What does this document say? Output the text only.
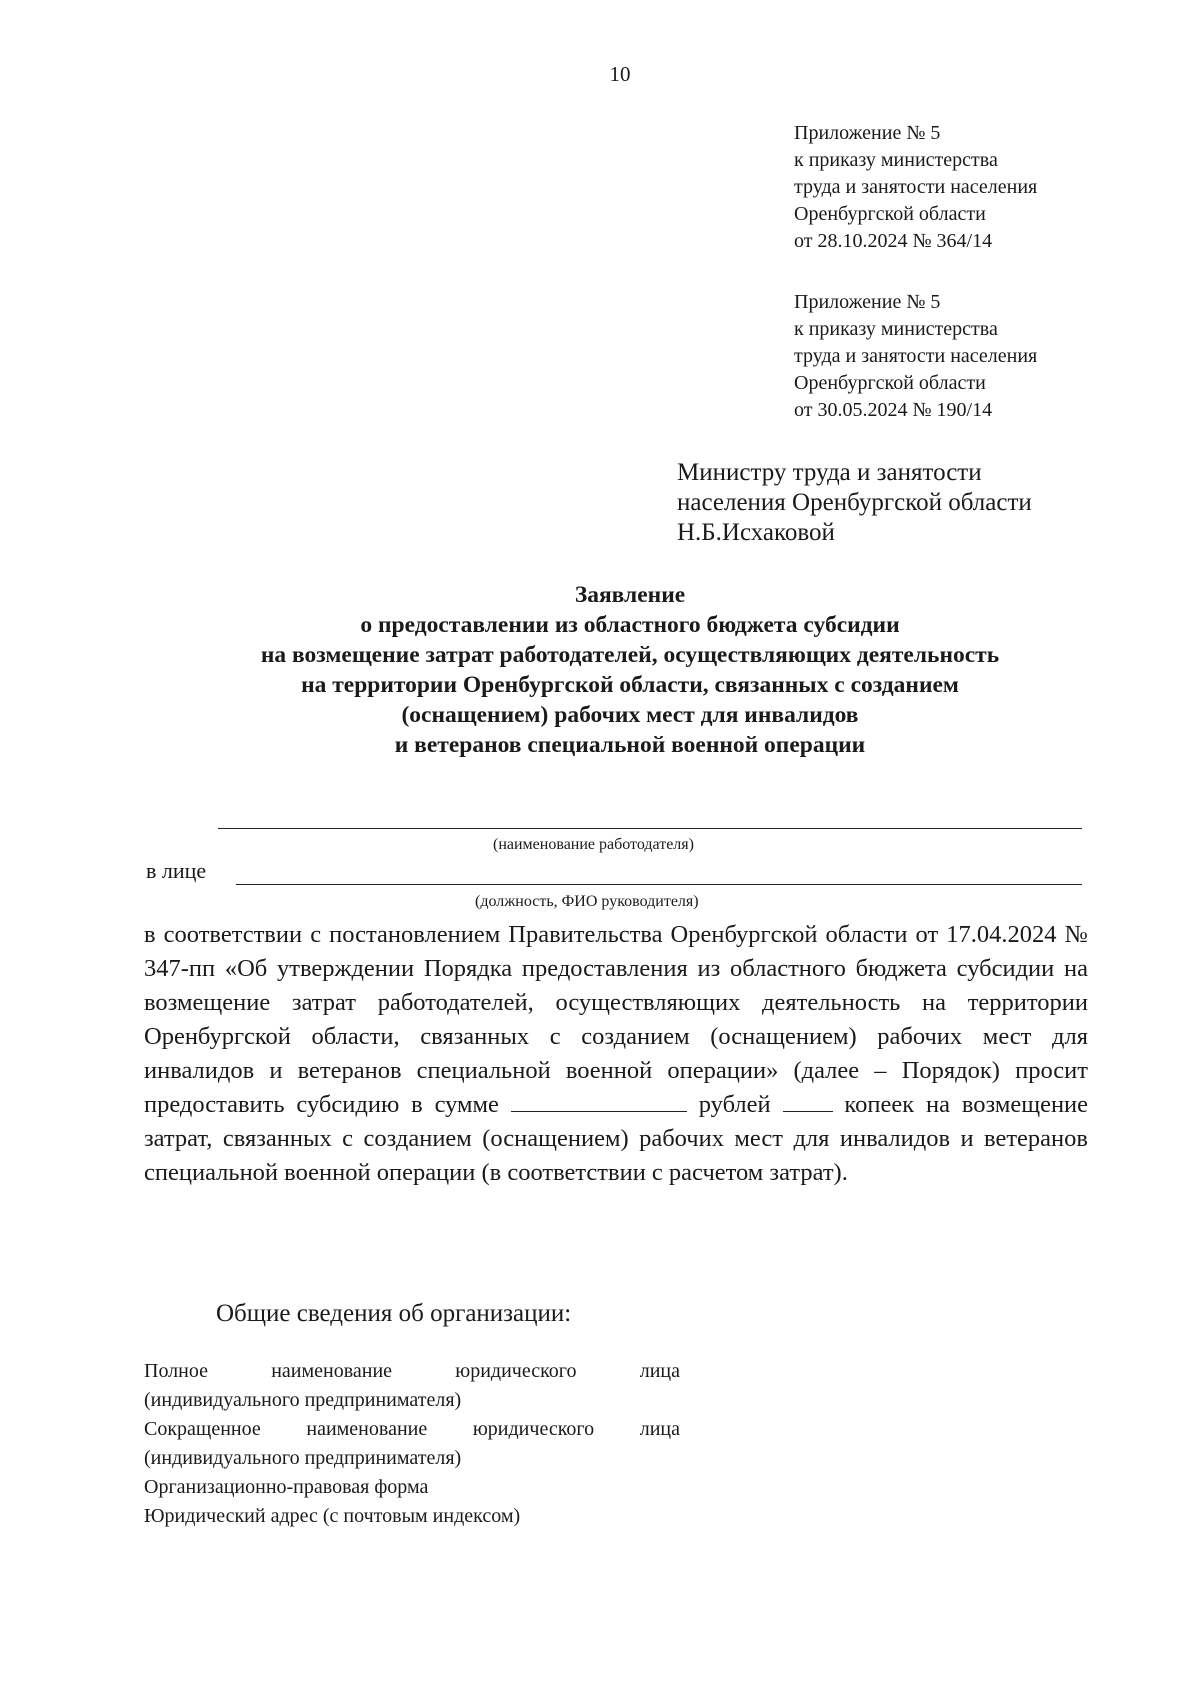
10
Приложение № 5
к приказу министерства
труда и занятости населения
Оренбургской области
от 28.10.2024 № 364/14
Приложение № 5
к приказу министерства
труда и занятости населения
Оренбургской области
от 30.05.2024 № 190/14
Министру труда и занятости
населения Оренбургской области
Н.Б.Исхаковой
Заявление
о предоставлении из областного бюджета субсидии
на возмещение затрат работодателей, осуществляющих деятельность
на территории Оренбургской области, связанных с созданием
(оснащением) рабочих мест для инвалидов
и ветеранов специальной военной операции
(наименование работодателя)
в лице
(должность, ФИО руководителя)
в соответствии с постановлением Правительства Оренбургской области от 17.04.2024 № 347-пп «Об утверждении Порядка предоставления из областного бюджета субсидии на возмещение затрат работодателей, осуществляющих деятельность на территории Оренбургской области, связанных с созданием (оснащением) рабочих мест для инвалидов и ветеранов специальной военной операции» (далее – Порядок) просит предоставить субсидию в сумме	рублей	копеек на возмещение затрат, связанных с созданием (оснащением) рабочих мест для инвалидов и ветеранов специальной военной операции (в соответствии с расчетом затрат).
Общие сведения об организации:
Полное наименование юридического лица
(индивидуального предпринимателя)
Сокращенное наименование юридического лица
(индивидуального предпринимателя)
Организационно-правовая форма
Юридический адрес (с почтовым индексом)
